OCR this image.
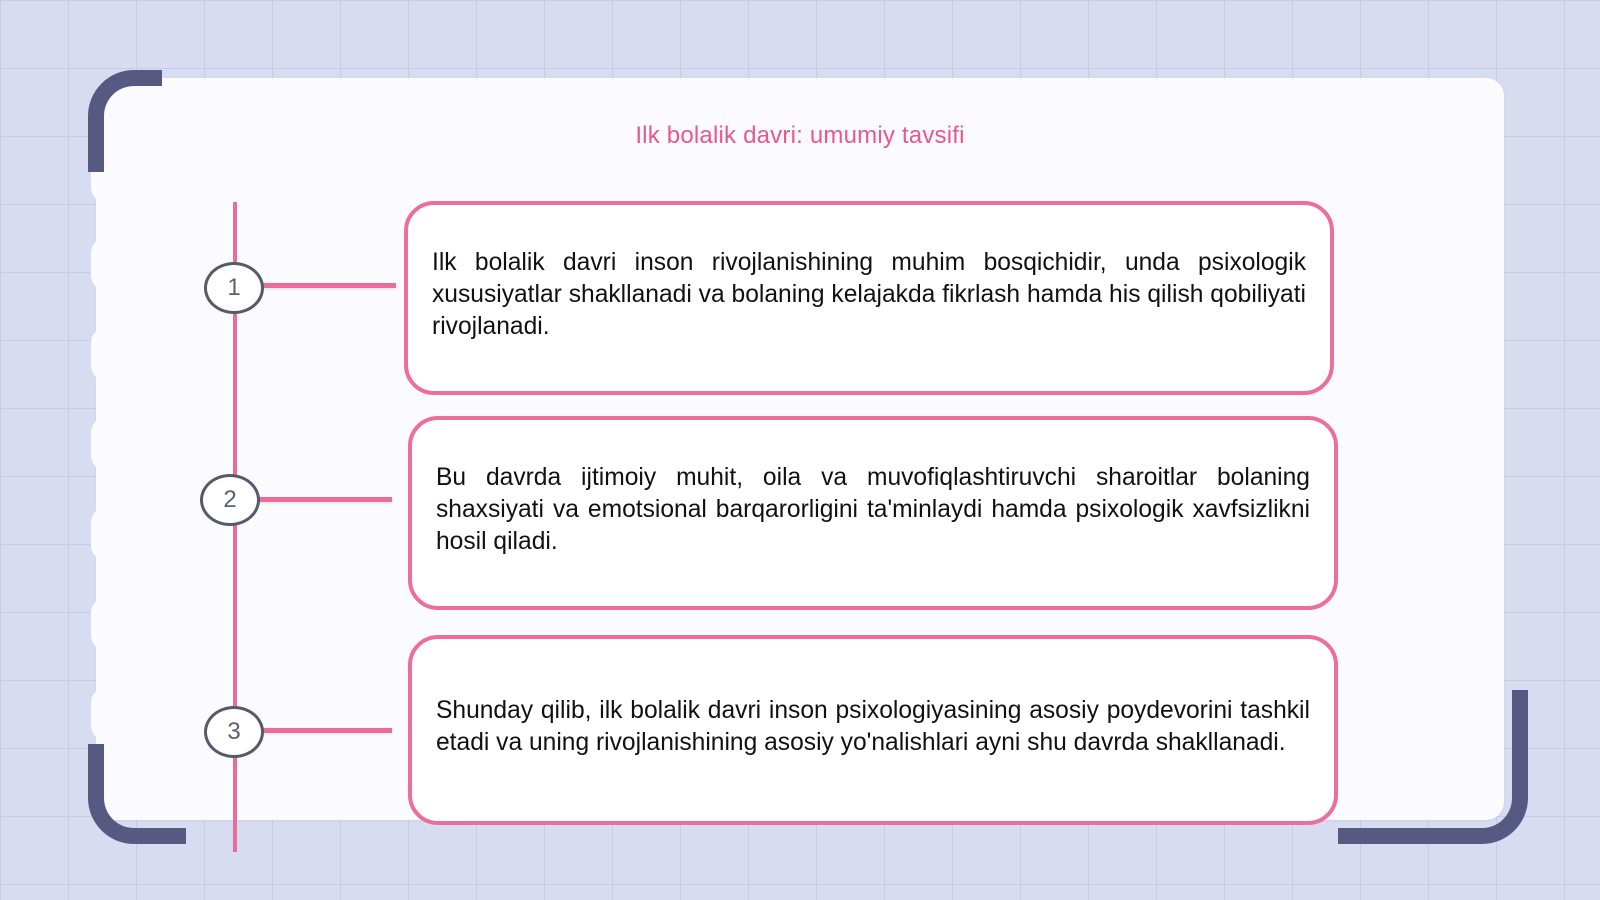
Ilk bolalik davri: umumiy tavsifi
1
2
3

Ilk bolalik davri inson rivojlanishining muhim bosqichidir, unda psixologik xususiyatlar shakllanadi va bolaning kelajakda fikrlash hamda his qilish qobiliyati rivojlanadi.

Bu davrda ijtimoiy muhit, oila va muvofiqlashtiruvchi sharoitlar bolaning shaxsiyati va emotsional barqarorligini ta'minlaydi hamda psixologik xavfsizlikni hosil qiladi.

Shunday qilib, ilk bolalik davri inson psixologiyasining asosiy poydevorini tashkil etadi va uning rivojlanishining asosiy yo'nalishlari ayni shu davrda shakllanadi.
